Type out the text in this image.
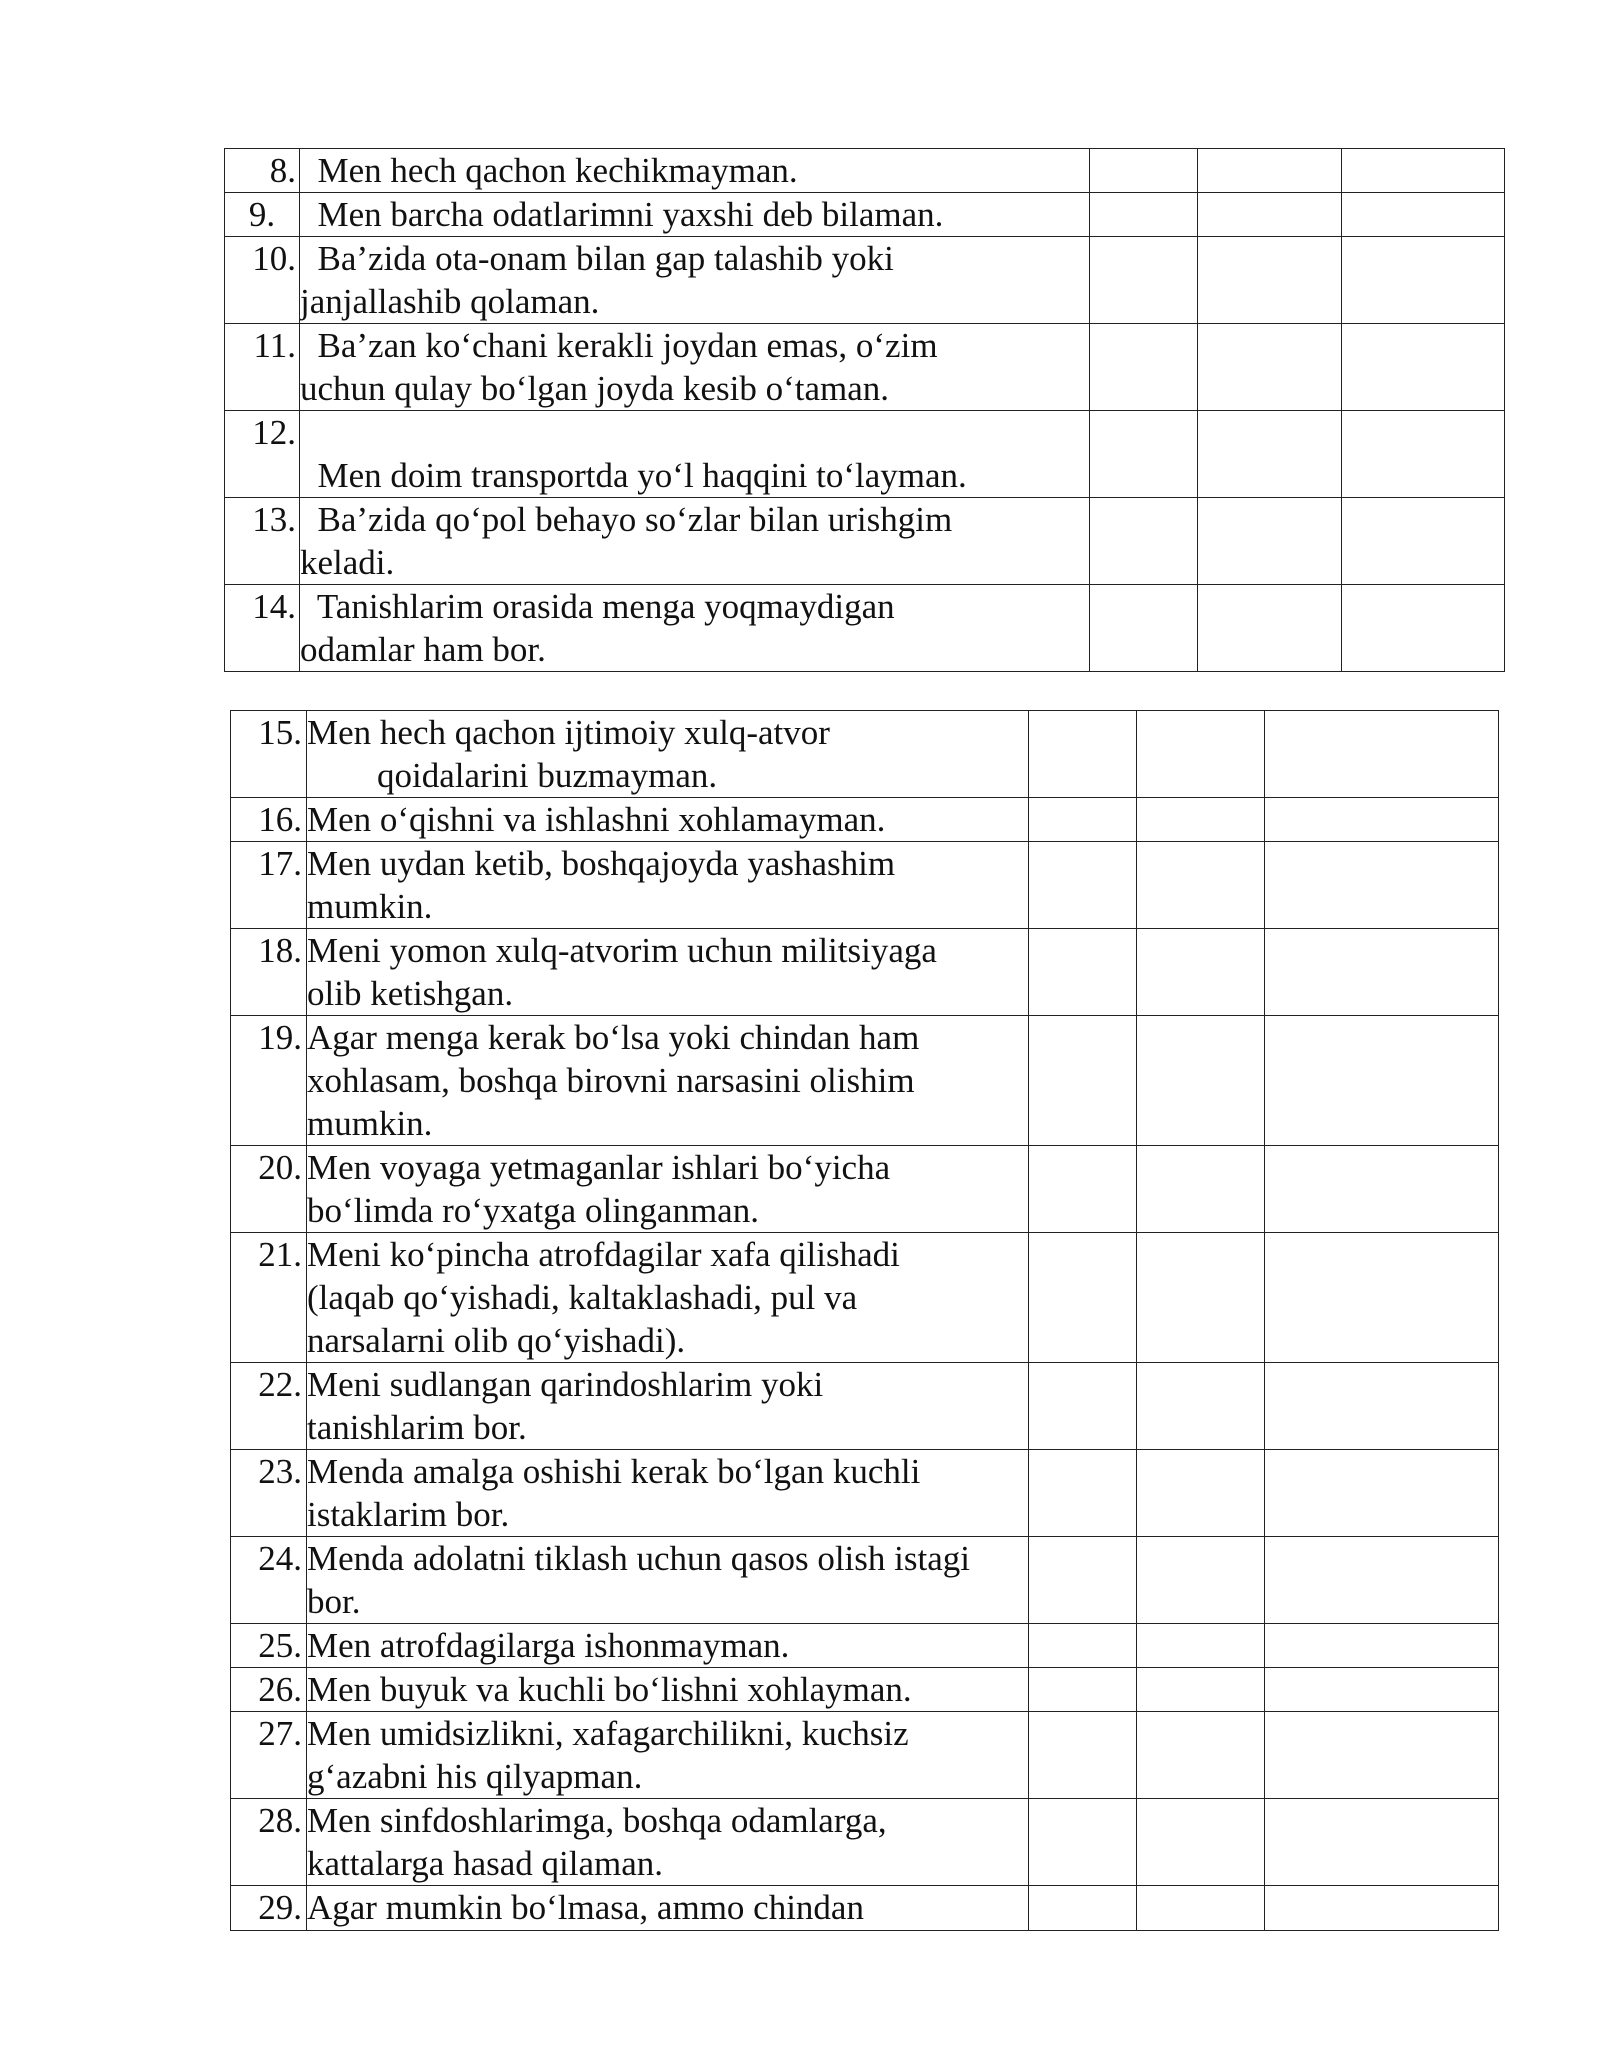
8.	Men hech qachon kechikmayman.			

9.	Men barcha odatlarimni yaxshi deb bilaman.			

10.	Ba’zida ota-onam bilan gap talashib yoki
janjallashib qolaman.			

11.	Ba’zan ko‘chani kerakli joydan emas, o‘zim
uchun qulay bo‘lgan joyda kesib o‘taman.			

12.	Men doim transportda yo‘l haqqini to‘layman.			

13.	Ba’zida qo‘pol behayo so‘zlar bilan urishgim
keladi.			

14.	Tanishlarim orasida menga yoqmaydigan
odamlar ham bor.			

15.	Men hech qachon ijtimoiy xulq-atvor
qoidalarini buzmayman.			

16.	Men o‘qishni va ishlashni xohlamayman.			

17.	Men uydan ketib, boshqajoyda yashashim
mumkin.			

18.	Meni yomon xulq-atvorim uchun militsiyaga
olib ketishgan.			

19.	Agar menga kerak bo‘lsa yoki chindan ham
xohlasam, boshqa birovni narsasini olishim
mumkin.			

20.	Men voyaga yetmaganlar ishlari bo‘yicha
bo‘limda ro‘yxatga olinganman.			

21.	Meni ko‘pincha atrofdagilar xafa qilishadi
(laqab qo‘yishadi, kaltaklashadi, pul va
narsalarni olib qo‘yishadi).			

22.	Meni sudlangan qarindoshlarim yoki
tanishlarim bor.			

23.	Menda amalga oshishi kerak bo‘lgan kuchli
istaklarim bor.			

24.	Menda adolatni tiklash uchun qasos olish istagi
bor.			

25.	Men atrofdagilarga ishonmayman.			

26.	Men buyuk va kuchli bo‘lishni xohlayman.			

27.	Men umidsizlikni, xafagarchilikni, kuchsiz
g‘azabni his qilyapman.			

28.	Men sinfdoshlarimga, boshqa odamlarga,
kattalarga hasad qilaman.			

29.	Agar mumkin bo‘lmasa, ammo chindan			
